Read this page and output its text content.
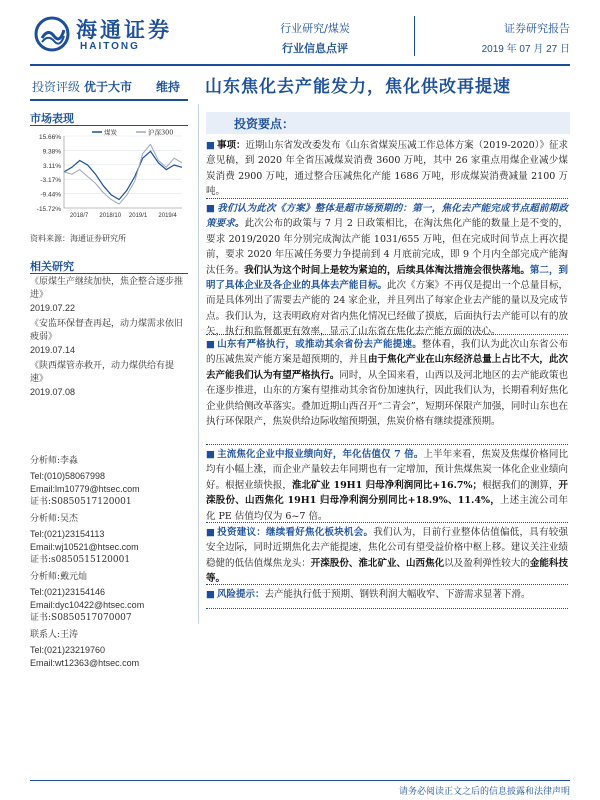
海通证券
HAITONG
行业研究/煤炭
行业信息点评
证券研究报告
2019 年 07 月 27 日
投资评级 优于大市 维持 山东焦化去产能发力，焦化供改再提速
市场表现
-15.72%
-9.44%
-3.17%
3.11%
9.38%
15.66%
2018/7 2018/10 2019/1 2019/4
煤炭	沪深300
资料来源：海通证券研究所
相关研究
《原煤生产继续加快，焦企整合逐步推进》
2019.07.22
《安监环保督查再起，动力煤需求依旧疲弱》
2019.07.14
《陕西煤管赤救开，动力煤供给有提速》
2019.07.08
分析师:李淼
Tel:(010)58067998
Email:lm10779@htsec.com
证书:S0850517120001
分析师:吴杰
Tel:(021)23154113
Email:wj10521@htsec.com
证书:s0850515120001
分析师:戴元灿
Tel:(021)23154146
Email:dyc10422@htsec.com
证书:S0850517070007
联系人:王涛
Tel:(021)23219760
Email:wt12363@htsec.com
投资要点：
■ 事项：近期山东省发改委发布《山东省煤炭压减工作总体方案（2019-2020）》征求意见稿，到 2020 年全省压减煤炭消费 3600 万吨，其中 26 家重点用煤企业减少煤炭消费 2900 万吨，通过整合压减焦化产能 1686 万吨，形成煤炭消费减量 2100 万吨。
■ 我们认为此次《方案》整体是超市场预期的：第一，焦化去产能完成节点超前期政策要求。此次公布的政策与 7 月 2 日政策相比，在淘汰焦化产能的数量上是不变的，要求 2019/2020 年分别完成淘汰产能 1031/655 万吨，但在完成时间节点上再次提前，要求 2020 年压减任务要力争提前到 4 月底前完成，即 9 个月内全部完成产能淘汰任务。我们认为这个时间上是较为紧迫的，后续具体淘汰措施会很快落地。第二，到明了具体企业及各企业的具体去产能目标。此次《方案》不再仅是提出一个总量目标，而是具体列出了需要去产能的 24 家企业，并且列出了每家企业去产能的量以及完成节点。我们认为，这表明政府对省内焦化情况已经做了摸底，后面执行去产能可以有的放矢，执行和监督都更有效率，显示了山东省在焦化去产能方面的决心。
■ 山东有严格执行，或推动其余省份去产能提速。整体看，我们认为此次山东省公布的压减焦炭产能方案是超预期的，并且由于焦化产业在山东经济总量上占比不大，此次去产能我们认为有望严格执行。同时，从全国来看，山西以及河北地区的去产能政策也在逐步推进，山东的方案有望推动其余省份加速执行，因此我们认为，长期看利好焦化企业供给侧改革落实。叠加近期山西召开“二青会”，短期环保限产加强，同时山东也在执行环保限产，焦炭供给边际收缩预期强，焦炭价格有继续提涨预期。
■ 主流焦化企业中报业绩向好，年化估值仅 7 倍。上半年来看，焦炭及焦煤价格同比均有小幅上涨，而企业产量较去年同期也有一定增加，预计焦煤焦炭一体化企业业绩向好。根据业绩快报，淮北矿业 19H1 归母净利润同比+16.7%；根据我们的测算，开滦股份、山西焦化 19H1 归母净利润分别同比+18.9%、11.4%，上述主流公司年化 PE 估值均仅为 6~7 倍。
■ 投资建议：继续看好焦化板块机会。我们认为，目前行业整体估值偏低，具有较强安全边际，同时近期焦化去产能提速，焦化公司有望受益价格中枢上移。建议关注业绩稳健的低估值煤焦龙头：开滦股份、淮北矿业、山西焦化以及盈利弹性较大的金能科技等。
■ 风险提示：去产能执行低于预期、钢铁利润大幅收窄、下游需求显著下滑。
请务必阅读正文之后的信息披露和法律声明
